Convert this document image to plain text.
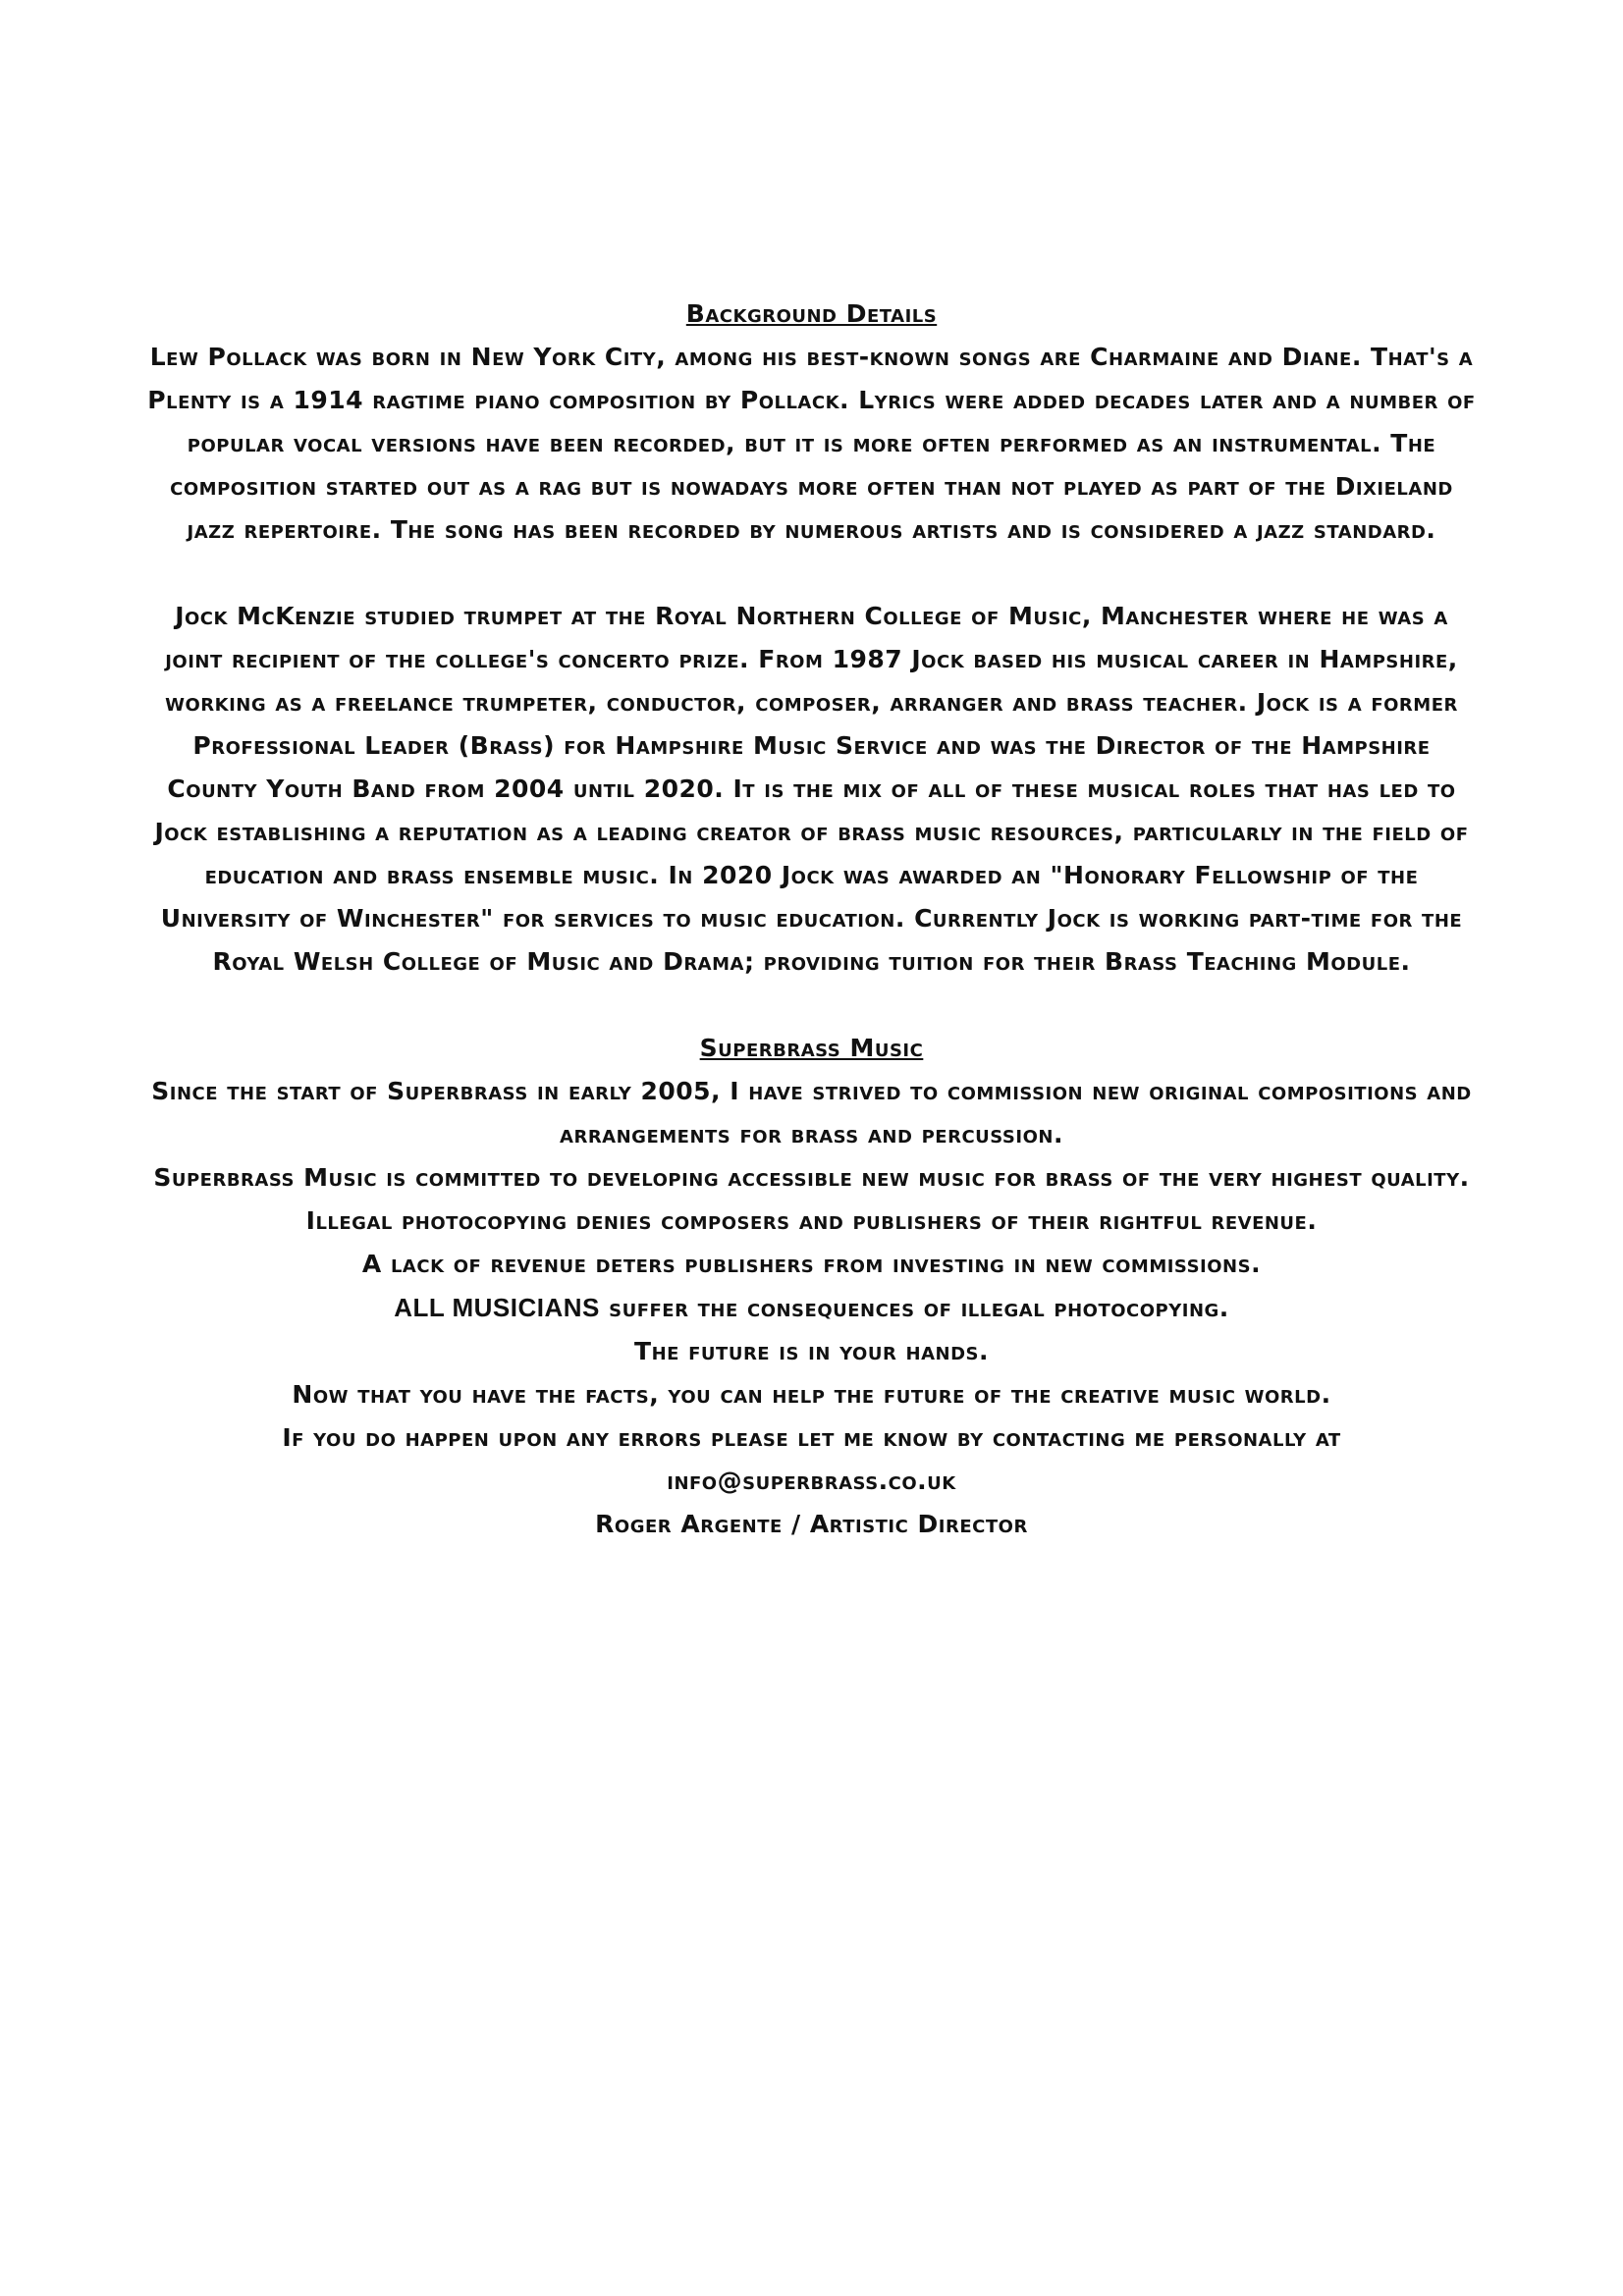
Background Details

Lew Pollack was born in New York City, among his best-known songs are Charmaine and Diane. That's a Plenty is a 1914 ragtime piano composition by Pollack. Lyrics were added decades later and a number of popular vocal versions have been recorded, but it is more often performed as an instrumental. The composition started out as a rag but is nowadays more often than not played as part of the Dixieland jazz repertoire. The song has been recorded by numerous artists and is considered a jazz standard.

Jock McKenzie studied trumpet at the Royal Northern College of Music, Manchester where he was a joint recipient of the college's concerto prize. From 1987 Jock based his musical career in Hampshire, working as a freelance trumpeter, conductor, composer, arranger and brass teacher. Jock is a former Professional Leader (Brass) for Hampshire Music Service and was the Director of the Hampshire County Youth Band from 2004 until 2020. It is the mix of all of these musical roles that has led to Jock establishing a reputation as a leading creator of brass music resources, particularly in the field of education and brass ensemble music. In 2020 Jock was awarded an "Honorary Fellowship of the University of Winchester" for services to music education. Currently Jock is working part-time for the Royal Welsh College of Music and Drama; providing tuition for their Brass Teaching Module.

Superbrass Music

Since the start of Superbrass in early 2005, I have strived to commission new original compositions and arrangements for brass and percussion.

Superbrass Music is committed to developing accessible new music for brass of the very highest quality.

Illegal photocopying denies composers and publishers of their rightful revenue.

A lack of revenue deters publishers from investing in new commissions.

ALL MUSICIANS suffer the consequences of illegal photocopying.

The future is in your hands.

Now that you have the facts, you can help the future of the creative music world.

If you do happen upon any errors please let me know by contacting me personally at

info@superbrass.co.uk

Roger Argente / Artistic Director
